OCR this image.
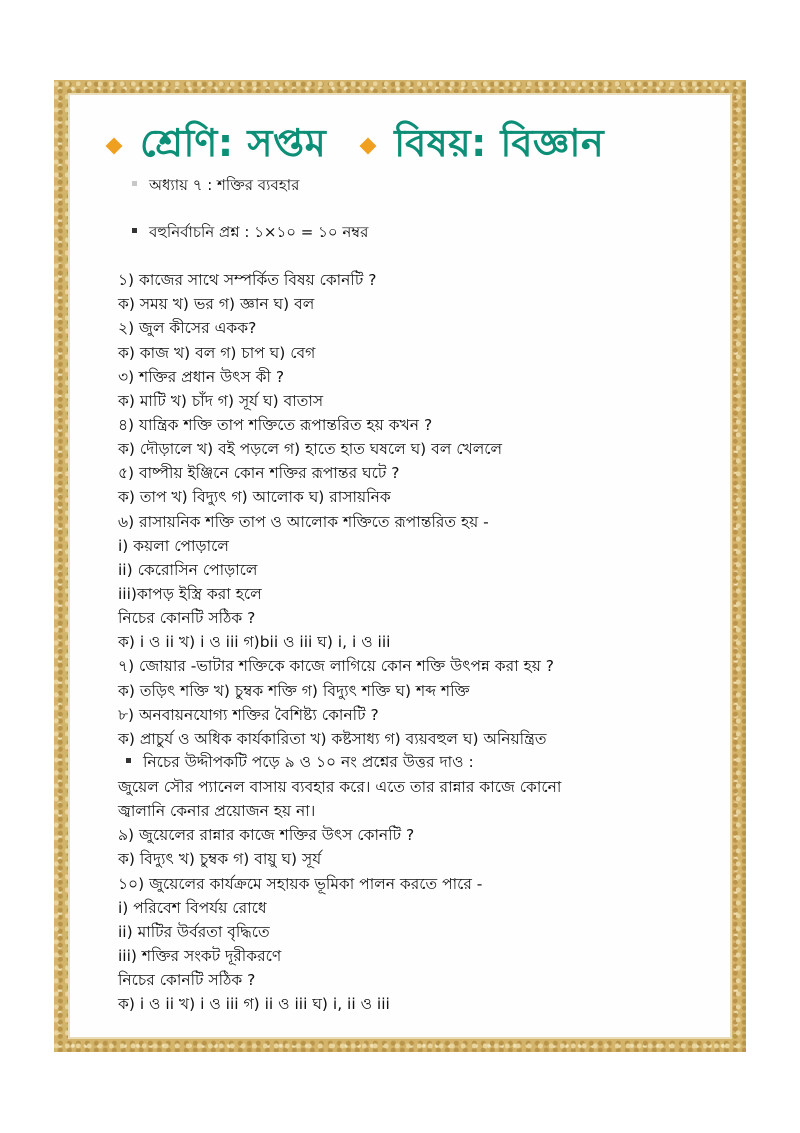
শ্রেণি: সপ্তম বিষয়: বিজ্ঞান
অধ্যায় ৭ : শক্তির ব্যবহার
বহুনির্বাচনি প্রশ্ন : ১×১০ = ১০ নম্বর
১) কাজের সাথে সম্পর্কিত বিষয় কোনটি ?
ক) সময় খ) ভর গ) জ্ঞান ঘ) বল
২) জুল কীসের একক?
ক) কাজ খ) বল গ) চাপ ঘ) বেগ
৩) শক্তির প্রধান উৎস কী ?
ক) মাটি খ) চাঁদ গ) সূর্য ঘ) বাতাস
৪) যান্ত্রিক শক্তি তাপ শক্তিতে রূপান্তরিত হয় কখন ?
ক) দৌড়ালে খ) বই পড়লে গ) হাতে হাত ঘষলে ঘ) বল খেললে
৫) বাষ্পীয় ইঞ্জিনে কোন শক্তির রূপান্তর ঘটে ?
ক) তাপ খ) বিদ্যুৎ গ) আলোক ঘ) রাসায়নিক
৬) রাসায়নিক শক্তি তাপ ও আলোক শক্তিতে রূপান্তরিত হয় -
i) কয়লা পোড়ালে
ii) কেরোসিন পোড়ালে
iii)কাপড় ইস্ত্রি করা হলে
নিচের কোনটি সঠিক ?
ক) i ও ii খ) i ও iii গ)bii ও iii ঘ) i, i ও iii
৭) জোয়ার -ভাটার শক্তিকে কাজে লাগিয়ে কোন শক্তি উৎপন্ন করা হয় ?
ক) তড়িৎ শক্তি খ) চুম্বক শক্তি গ) বিদ্যুৎ শক্তি ঘ) শব্দ শক্তি
৮) অনবায়নযোগ্য শক্তির বৈশিষ্ট্য কোনটি ?
ক) প্রাচুর্য ও অধিক কার্যকারিতা খ) কষ্টসাধ্য গ) ব্যয়বহুল ঘ) অনিয়ন্ত্রিত
নিচের উদ্দীপকটি পড়ে ৯ ও ১০ নং প্রশ্নের উত্তর দাও :
জুয়েল সৌর প্যানেল বাসায় ব্যবহার করে। এতে তার রান্নার কাজে কোনো
জ্বালানি কেনার প্রয়োজন হয় না।
৯) জুয়েলের রান্নার কাজে শক্তির উৎস কোনটি ?
ক) বিদ্যুৎ খ) চুম্বক গ) বায়ু ঘ) সূর্য
১০) জুয়েলের কার্যক্রমে সহায়ক ভূমিকা পালন করতে পারে -
i) পরিবেশ বিপর্যয় রোধে
ii) মাটির উর্বরতা বৃদ্ধিতে
iii) শক্তির সংকট দূরীকরণে
নিচের কোনটি সঠিক ?
ক) i ও ii খ) i ও iii গ) ii ও iii ঘ) i, ii ও iii
